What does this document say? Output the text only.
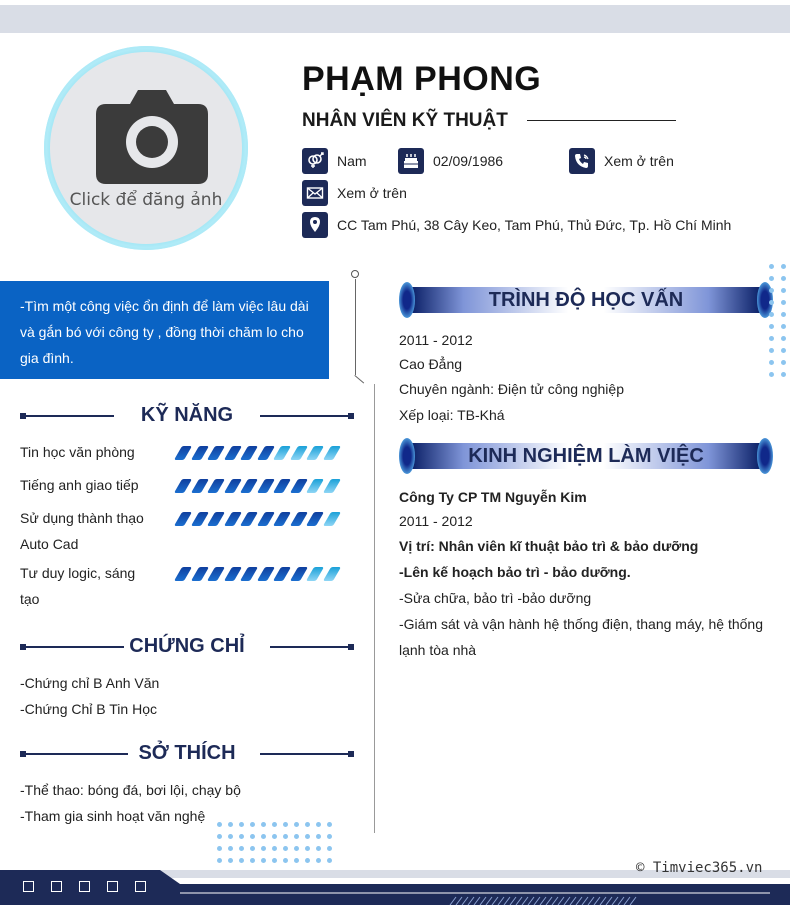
Click để đăng ảnh
PHẠM PHONG
NHÂN VIÊN KỸ THUẬT
Nam	02/09/1986	Xem ở trên
Xem ở trên
CC Tam Phú, 38 Cây Keo, Tam Phú, Thủ Đức, Tp. Hồ Chí Minh
-Tìm một công việc ổn định để làm việc lâu dài và gắn bó với công ty , đồng thời chăm lo cho gia đình.
KỸ NĂNG
Tin học văn phòng
Tiếng anh giao tiếp
Sử dụng thành thạo
Auto Cad
Tư duy logic, sáng
tạo
CHỨNG CHỈ
-Chứng chỉ B Anh Văn
-Chứng Chỉ B Tin Học
SỞ THÍCH
-Thể thao: bóng đá, bơi lội, chạy bộ
-Tham gia sinh hoạt văn nghệ
TRÌNH ĐỘ HỌC VẤN
2011 - 2012
Cao Đẳng
Chuyên ngành: Điện tử công nghiệp
Xếp loại: TB-Khá
KINH NGHIỆM LÀM VIỆC
Công Ty CP TM Nguyễn Kim
2011 - 2012
Vị trí: Nhân viên kĩ thuật bảo trì & bảo dưỡng
-Lên kế hoạch bảo trì - bảo dưỡng.
-Sửa chữa, bảo trì -bảo dưỡng
-Giám sát và vận hành hệ thống điện, thang máy, hệ thống
lạnh tòa nhà
© Timviec365.vn
